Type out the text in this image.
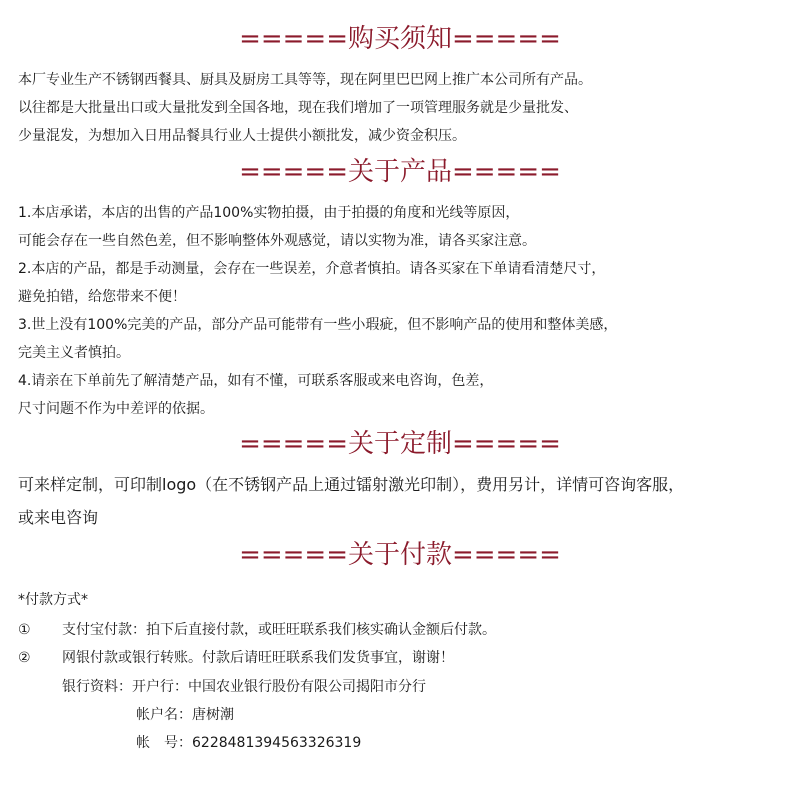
=====购买须知=====
本厂专业生产不锈钢西餐具、厨具及厨房工具等等，现在阿里巴巴网上推广本公司所有产品。
以往都是大批量出口或大量批发到全国各地，现在我们增加了一项管理服务就是少量批发、
少量混发，为想加入日用品餐具行业人士提供小额批发，减少资金积压。
=====关于产品=====
1.本店承诺，本店的出售的产品100%实物拍摄，由于拍摄的角度和光线等原因，
可能会存在一些自然色差，但不影响整体外观感觉，请以实物为准，请各买家注意。
2.本店的产品，都是手动测量，会存在一些误差，介意者慎拍。请各买家在下单请看清楚尺寸，
避免拍错，给您带来不便！
3.世上没有100%完美的产品，部分产品可能带有一些小瑕疵，但不影响产品的使用和整体美感，
完美主义者慎拍。
4.请亲在下单前先了解清楚产品，如有不懂，可联系客服或来电咨询，色差，
尺寸问题不作为中差评的依据。
=====关于定制=====
可来样定制，可印制logo（在不锈钢产品上通过镭射激光印制），费用另计，详情可咨询客服，
或来电咨询
=====关于付款=====
*付款方式*
① 支付宝付款：拍下后直接付款，或旺旺联系我们核实确认金额后付款。
② 网银付款或银行转账。付款后请旺旺联系我们发货事宜，谢谢！
银行资料：开户行：中国农业银行股份有限公司揭阳市分行
帐户名：唐树潮
帐　号：6228481394563326319
